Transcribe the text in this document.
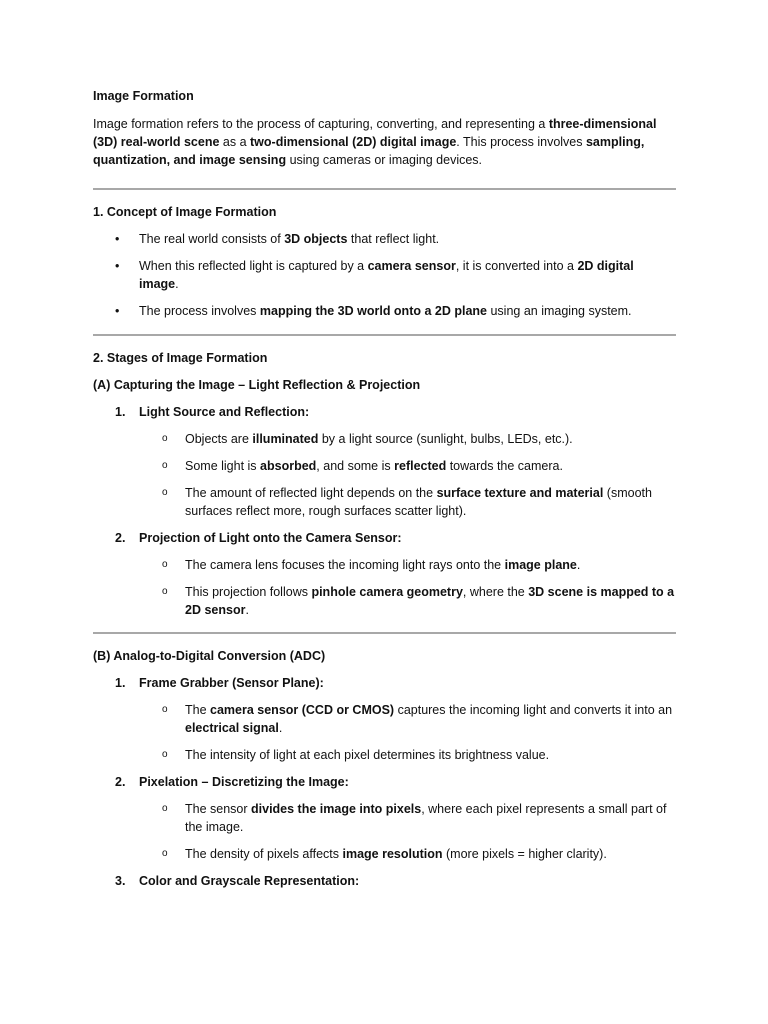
Image Formation

Image formation refers to the process of capturing, converting, and representing a three-dimensional (3D) real-world scene as a two-dimensional (2D) digital image. This process involves sampling, quantization, and image sensing using cameras or imaging devices.

1. Concept of Image Formation
• The real world consists of 3D objects that reflect light.
• When this reflected light is captured by a camera sensor, it is converted into a 2D digital image.
• The process involves mapping the 3D world onto a 2D plane using an imaging system.
2. Stages of Image Formation
(A) Capturing the Image – Light Reflection & Projection
1. Light Source and Reflection:
o Objects are illuminated by a light source (sunlight, bulbs, LEDs, etc.).
o Some light is absorbed, and some is reflected towards the camera.
o The amount of reflected light depends on the surface texture and material (smooth surfaces reflect more, rough surfaces scatter light).
2. Projection of Light onto the Camera Sensor:
o The camera lens focuses the incoming light rays onto the image plane.
o This projection follows pinhole camera geometry, where the 3D scene is mapped to a 2D sensor.
(B) Analog-to-Digital Conversion (ADC)
1. Frame Grabber (Sensor Plane):
o The camera sensor (CCD or CMOS) captures the incoming light and converts it into an electrical signal.
o The intensity of light at each pixel determines its brightness value.
2. Pixelation – Discretizing the Image:
o The sensor divides the image into pixels, where each pixel represents a small part of the image.
o The density of pixels affects image resolution (more pixels = higher clarity).
3. Color and Grayscale Representation:
